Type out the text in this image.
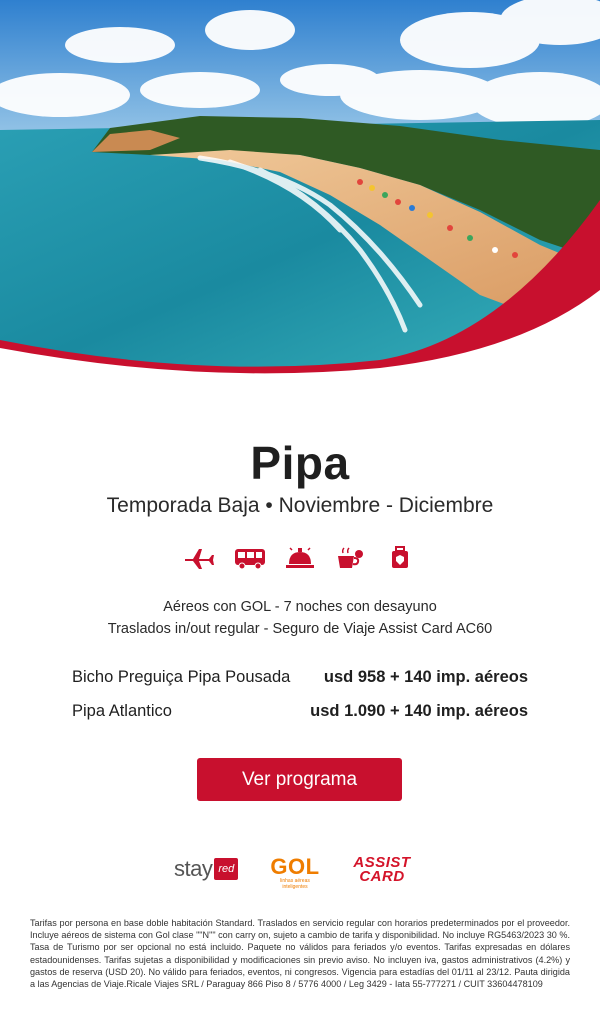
Pipa
Temporada Baja • Noviembre - Diciembre
Aéreos con GOL - 7 noches con desayuno
Traslados in/out regular - Seguro de Viaje Assist Card AC60
Bicho Preguiça Pipa Pousada usd 958 + 140 imp. aéreos
Pipa Atlantico	usd 1.090 + 140 imp. aéreos
Ver programa
stay red GOL
linhas aéreas inteligentes
ASSIST
CARD
Tarifas por persona en base doble habitación Standard. Traslados en servicio regular con horarios predeterminados por el proveedor. Incluye aéreos de sistema con Gol clase ""N"" con carry on, sujeto a cambio de tarifa y disponibilidad. No incluye RG5463/2023 30 %. Tasa de Turismo por ser opcional no está incluido. Paquete no válidos para feriados y/o eventos. Tarifas expresadas en dólares estadounidenses. Tarifas sujetas a disponibilidad y modificaciones sin previo aviso. No incluyen iva, gastos administrativos (4.2%) y gastos de reserva (USD 20). No válido para feriados, eventos, ni congresos. Vigencia para estadías del 01/11 al 23/12. Pauta dirigida a las Agencias de Viaje.Ricale Viajes SRL / Paraguay 866 Piso 8 / 5776 4000 / Leg 3429 - Iata 55-777271 / CUIT 33604478109
